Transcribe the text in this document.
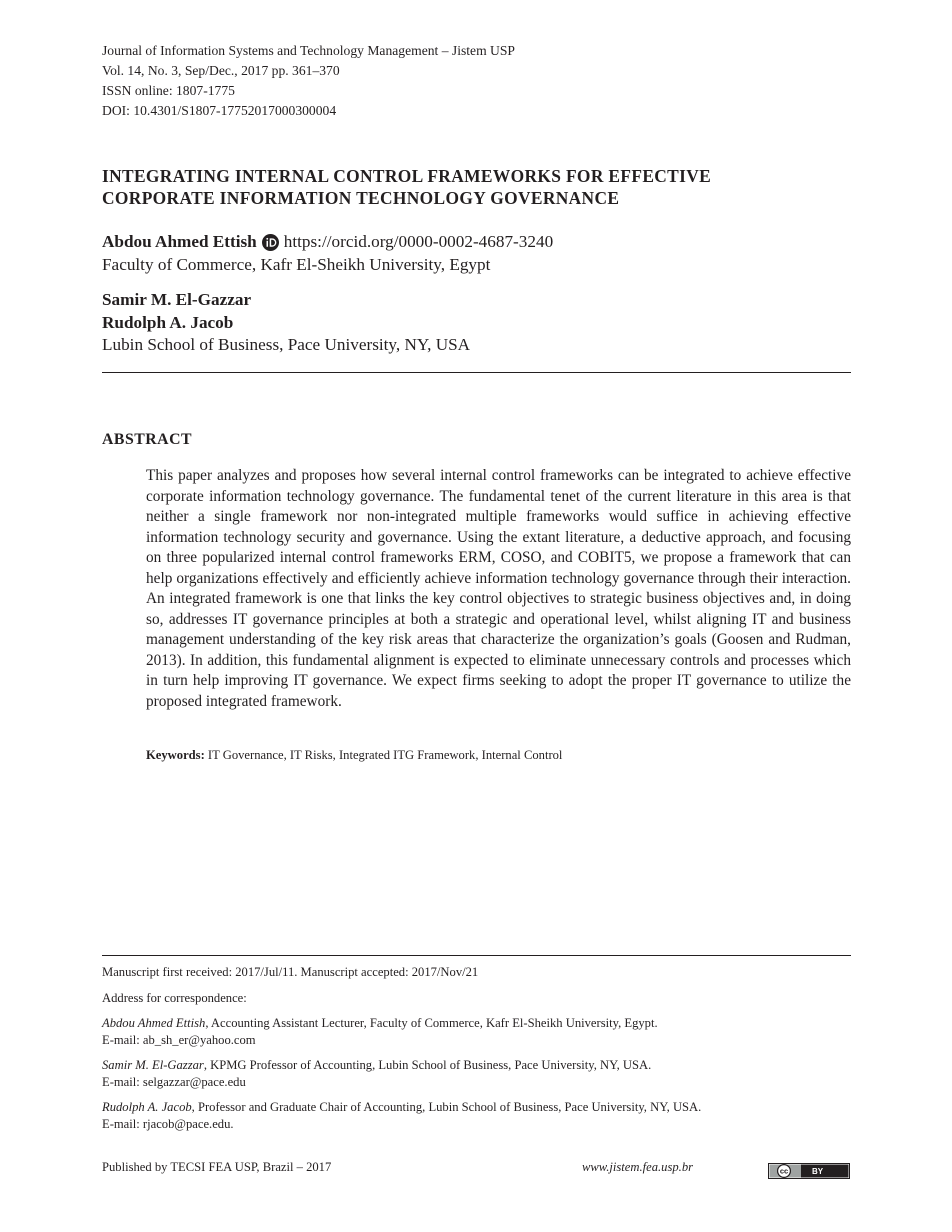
Journal of Information Systems and Technology Management – Jistem USP
Vol. 14, No. 3, Sep/Dec., 2017 pp. 361–370
ISSN online: 1807-1775
DOI: 10.4301/S1807-17752017000300004
INTEGRATING INTERNAL CONTROL FRAMEWORKS FOR EFFECTIVE
CORPORATE INFORMATION TECHNOLOGY GOVERNANCE
Abdou Ahmed Ettish https://orcid.org/0000-0002-4687-3240
Faculty of Commerce, Kafr El-Sheikh University, Egypt
Samir M. El-Gazzar
Rudolph A. Jacob
Lubin School of Business, Pace University, NY, USA
ABSTRACT
This paper analyzes and proposes how several internal control frameworks can be integrated to achieve effective corporate information technology governance. The fundamental tenet of the current literature in this area is that neither a single framework nor non-integrated multiple frameworks would suffice in achieving effective information technology security and governance. Using the extant literature, a deductive approach, and focusing on three popularized internal control frameworks ERM, COSO, and COBIT5, we propose a framework that can help organizations effectively and efficiently achieve information technology governance through their interaction. An integrated framework is one that links the key control objectives to strategic business objectives and, in doing so, addresses IT governance principles at both a strategic and operational level, whilst aligning IT and business management understanding of the key risk areas that characterize the organization’s goals (Goosen and Rudman, 2013). In addition, this fundamental alignment is expected to eliminate unnecessary controls and processes which in turn help improving IT governance. We expect firms seeking to adopt the proper IT governance to utilize the proposed integrated framework.
Keywords: IT Governance, IT Risks, Integrated ITG Framework, Internal Control
Manuscript first received: 2017/Jul/11. Manuscript accepted: 2017/Nov/21
Address for correspondence:
Abdou Ahmed Ettish, Accounting Assistant Lecturer, Faculty of Commerce, Kafr El-Sheikh University, Egypt.
E-mail: ab_sh_er@yahoo.com
Samir M. El-Gazzar, KPMG Professor of Accounting, Lubin School of Business, Pace University, NY, USA.
E-mail: selgazzar@pace.edu
Rudolph A. Jacob, Professor and Graduate Chair of Accounting, Lubin School of Business, Pace University, NY, USA.
E-mail: rjacob@pace.edu.
Published by TECSI FEA USP, Brazil – 2017	www.jistem.fea.usp.br	cc	BY
